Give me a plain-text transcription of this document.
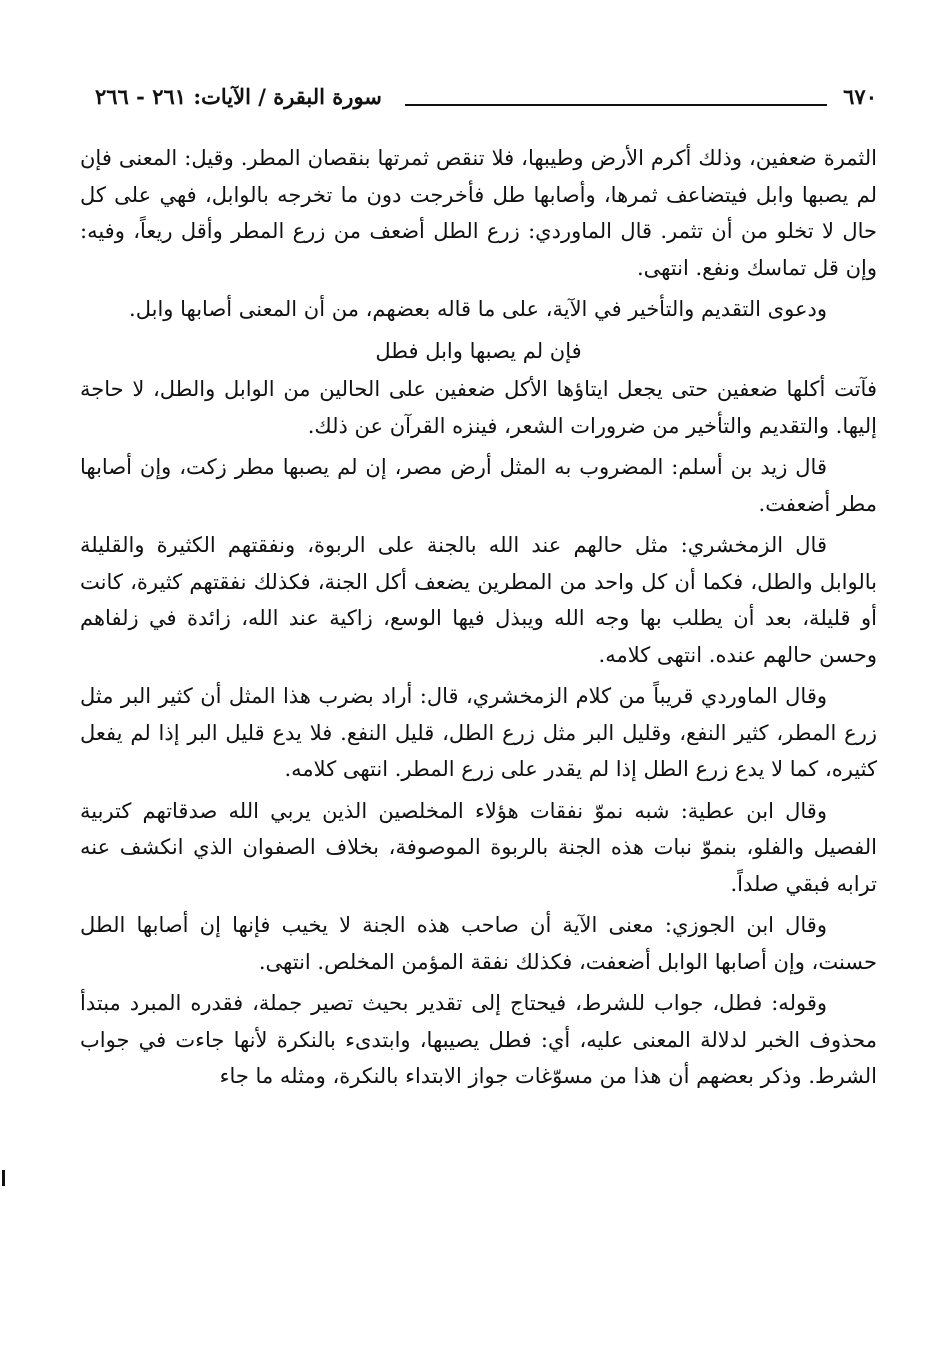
٦٧٠
سورة البقرة / الآيات: ٢٦١ - ٢٦٦

الثمرة ضعفين، وذلك أكرم الأرض وطيبها، فلا تنقص ثمرتها بنقصان المطر. وقيل: المعنى فإن لم يصبها وابل فيتضاعف ثمرها، وأصابها طل فأخرجت دون ما تخرجه بالوابل، فهي على كل حال لا تخلو من أن تثمر. قال الماوردي: زرع الطل أضعف من زرع المطر وأقل ريعاً، وفيه: وإن قل تماسك ونفع. انتهى.

ودعوى التقديم والتأخير في الآية، على ما قاله بعضهم، من أن المعنى أصابها وابل.

فإن لم يصبها وابل فطل

فآتت أكلها ضعفين حتى يجعل ايتاؤها الأكل ضعفين على الحالين من الوابل والطل، لا حاجة إليها. والتقديم والتأخير من ضرورات الشعر، فينزه القرآن عن ذلك.

قال زيد بن أسلم: المضروب به المثل أرض مصر، إن لم يصبها مطر زكت، وإن أصابها مطر أضعفت.

قال الزمخشري: مثل حالهم عند الله بالجنة على الربوة، ونفقتهم الكثيرة والقليلة بالوابل والطل، فكما أن كل واحد من المطرين يضعف أكل الجنة، فكذلك نفقتهم كثيرة، كانت أو قليلة، بعد أن يطلب بها وجه الله ويبذل فيها الوسع، زاكية عند الله، زائدة في زلفاهم وحسن حالهم عنده. انتهى كلامه.

وقال الماوردي قريباً من كلام الزمخشري، قال: أراد بضرب هذا المثل أن كثير البر مثل زرع المطر، كثير النفع، وقليل البر مثل زرع الطل، قليل النفع. فلا يدع قليل البر إذا لم يفعل كثيره، كما لا يدع زرع الطل إذا لم يقدر على زرع المطر. انتهى كلامه.

وقال ابن عطية: شبه نموّ نفقات هؤلاء المخلصين الذين يربي الله صدقاتهم كتربية الفصيل والفلو، بنموّ نبات هذه الجنة بالربوة الموصوفة، بخلاف الصفوان الذي انكشف عنه ترابه فبقي صلداً.

وقال ابن الجوزي: معنى الآية أن صاحب هذه الجنة لا يخيب فإنها إن أصابها الطل حسنت، وإن أصابها الوابل أضعفت، فكذلك نفقة المؤمن المخلص. انتهى.

وقوله: فطل، جواب للشرط، فيحتاج إلى تقدير بحيث تصير جملة، فقدره المبرد مبتدأ محذوف الخبر لدلالة المعنى عليه، أي: فطل يصيبها، وابتدىء بالنكرة لأنها جاءت في جواب الشرط. وذكر بعضهم أن هذا من مسوّغات جواز الابتداء بالنكرة، ومثله ما جاء
